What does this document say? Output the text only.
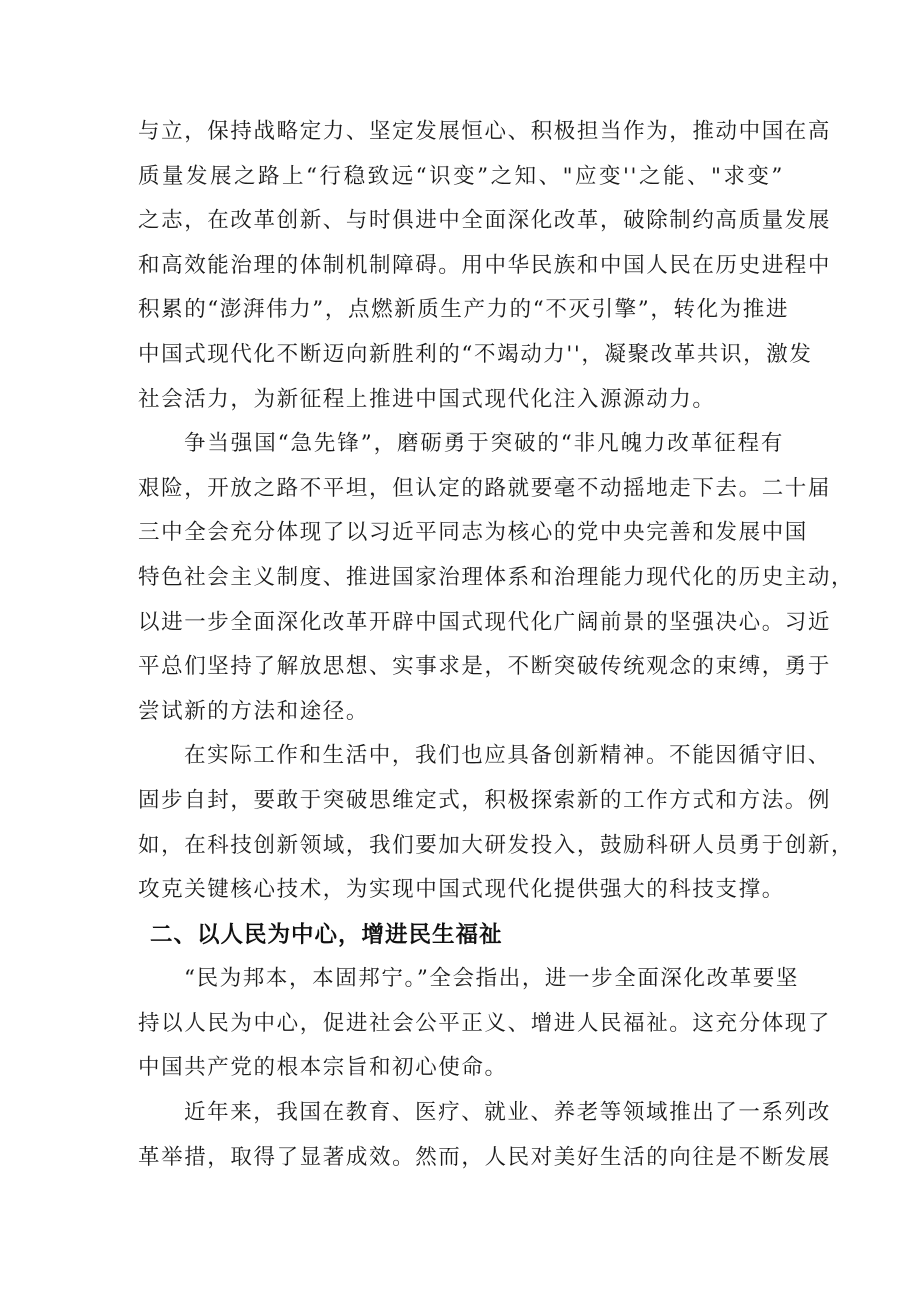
与立，保持战略定力、坚定发展恒心、积极担当作为，推动中国在高
质量发展之路上“行稳致远“识变”之知、"应变''之能、"求变”
之志，在改革创新、与时俱进中全面深化改革，破除制约高质量发展
和高效能治理的体制机制障碍。用中华民族和中国人民在历史进程中
积累的“澎湃伟力”，点燃新质生产力的“不灭引擎”，转化为推进
中国式现代化不断迈向新胜利的“不竭动力''，凝聚改革共识，激发
社会活力，为新征程上推进中国式现代化注入源源动力。
争当强国“急先锋”，磨砺勇于突破的“非凡魄力改革征程有
艰险，开放之路不平坦，但认定的路就要毫不动摇地走下去。二十届
三中全会充分体现了以习近平同志为核心的党中央完善和发展中国
特色社会主义制度、推进国家治理体系和治理能力现代化的历史主动，
以进一步全面深化改革开辟中国式现代化广阔前景的坚强决心。习近
平总们坚持了解放思想、实事求是，不断突破传统观念的束缚，勇于
尝试新的方法和途径。
在实际工作和生活中，我们也应具备创新精神。不能因循守旧、
固步自封，要敢于突破思维定式，积极探索新的工作方式和方法。例
如，在科技创新领域，我们要加大研发投入，鼓励科研人员勇于创新，
攻克关键核心技术，为实现中国式现代化提供强大的科技支撑。
二、以人民为中心，增进民生福祉
“民为邦本，本固邦宁。”全会指出，进一步全面深化改革要坚
持以人民为中心，促进社会公平正义、增进人民福祉。这充分体现了
中国共产党的根本宗旨和初心使命。
近年来，我国在教育、医疗、就业、养老等领域推出了一系列改
革举措，取得了显著成效。然而，人民对美好生活的向往是不断发展
